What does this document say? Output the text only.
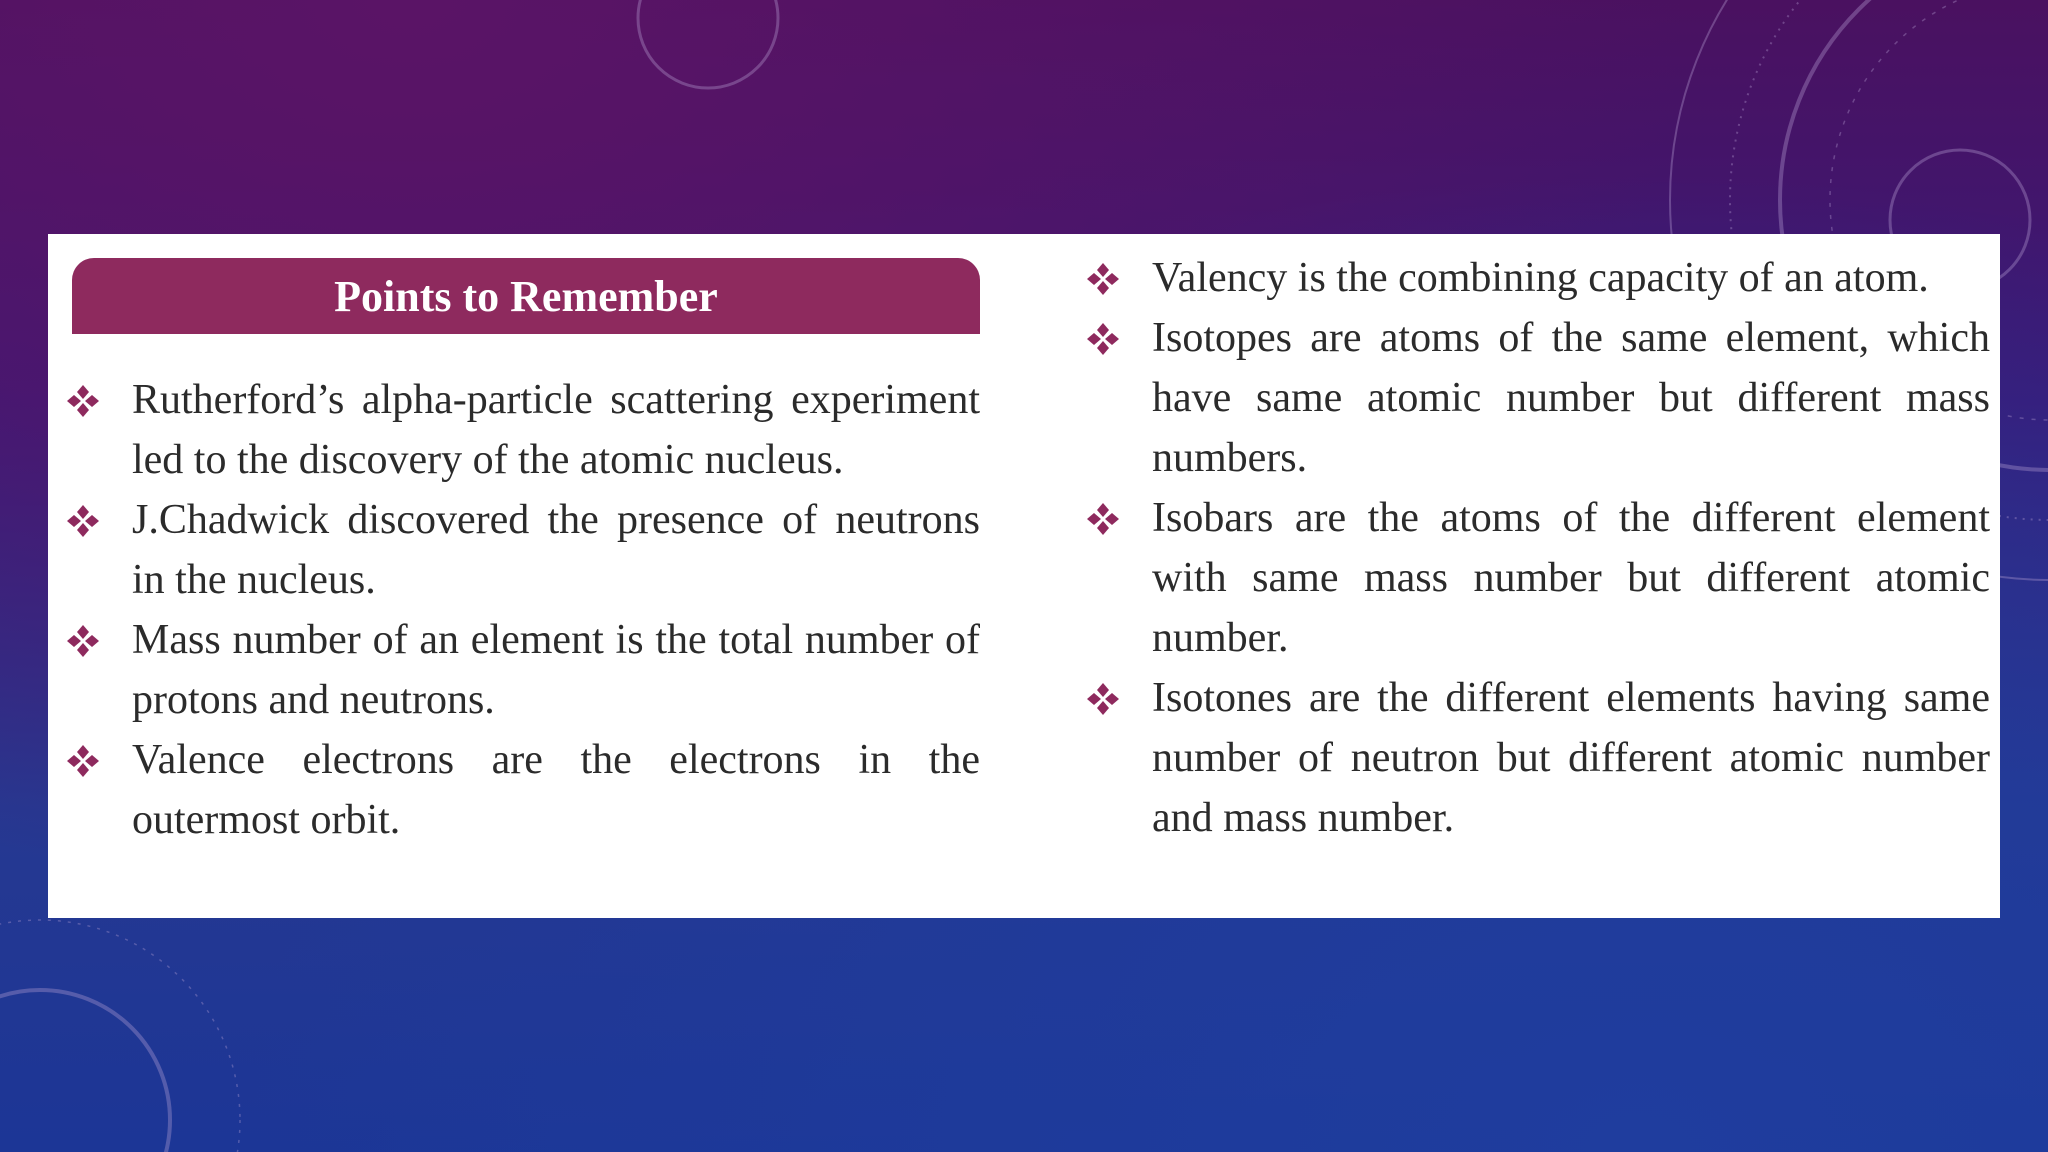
Points to Remember
Rutherford’s alpha-particle scattering experiment led to the discovery of the atomic nucleus.
J.Chadwick discovered the presence of neutrons in the nucleus.
Mass number of an element is the total number of protons and neutrons.
Valence electrons are the electrons in the outermost orbit.
Valency is the combining capacity of an atom.
Isotopes are atoms of the same element, which have same atomic number but different mass numbers.
Isobars are the atoms of the different element with same mass number but different atomic number.
Isotones are the different elements having same number of neutron but different atomic number and mass number.
